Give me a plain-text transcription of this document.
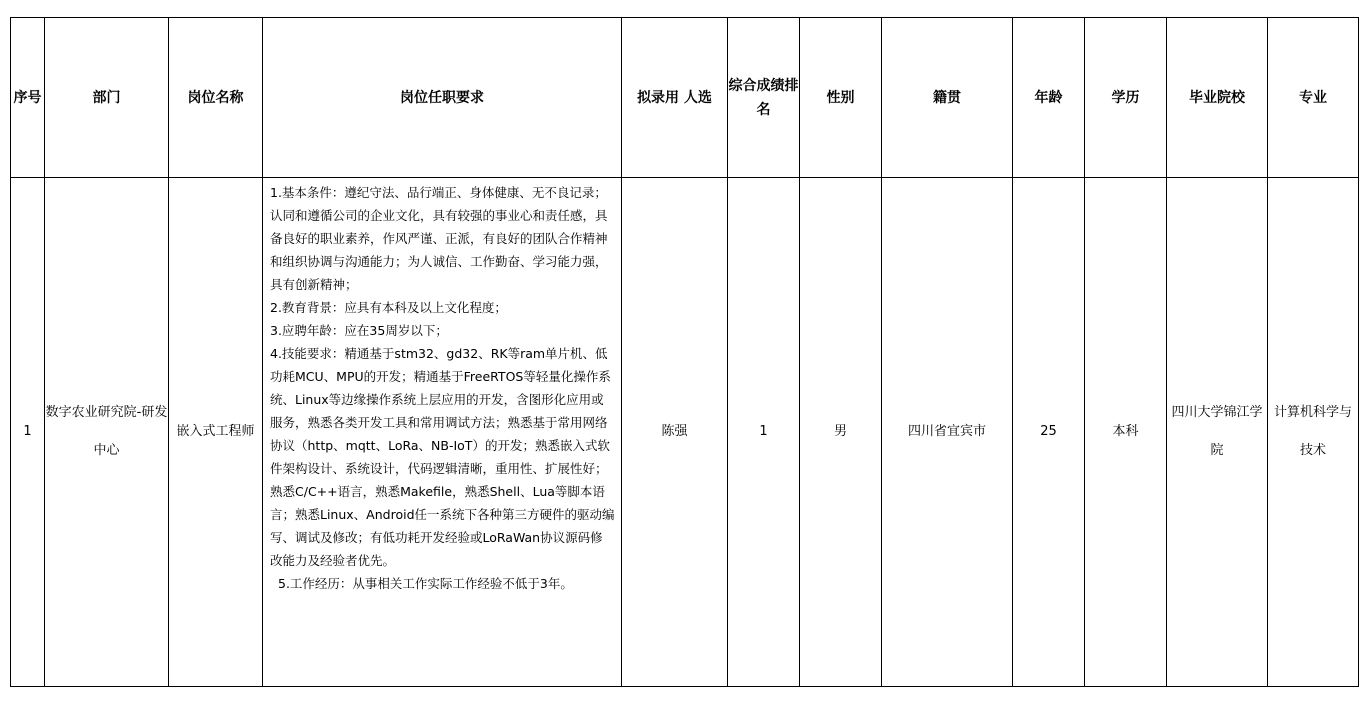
序号	部门	岗位名称	岗位任职要求	拟录用 人选	综合成绩排名	性别	籍贯	年龄	学历	毕业院校	专业
1	数字农业研究院-研发中心	嵌入式工程师	1.基本条件：遵纪守法、品行端正、身体健康、无不良记录；认同和遵循公司的企业文化，具有较强的事业心和责任感，具备良好的职业素养，作风严谨、正派，有良好的团队合作精神和组织协调与沟通能力；为人诚信、工作勤奋、学习能力强，具有创新精神；

2.教育背景：应具有本科及以上文化程度；

3.应聘年龄：应在35周岁以下；

4.技能要求：精通基于stm32、gd32、RK等ram单片机、低功耗MCU、MPU的开发；精通基于FreeRTOS等轻量化操作系统、Linux等边缘操作系统上层应用的开发，含图形化应用或服务，熟悉各类开发工具和常用调试方法；熟悉基于常用网络协议（http、mqtt、LoRa、NB-IoT）的开发；熟悉嵌入式软件架构设计、系统设计，代码逻辑清晰，重用性、扩展性好；熟悉C/C++语言，熟悉Makefile，熟悉Shell、Lua等脚本语言；熟悉Linux、Android任一系统下各种第三方硬件的驱动编写、调试及修改；有低功耗开发经验或LoRaWan协议源码修改能力及经验者优先。

5.工作经历：从事相关工作实际工作经验不低于3年。	陈强	1	男	四川省宜宾市	25	本科	四川大学锦江学院	计算机科学与技术
